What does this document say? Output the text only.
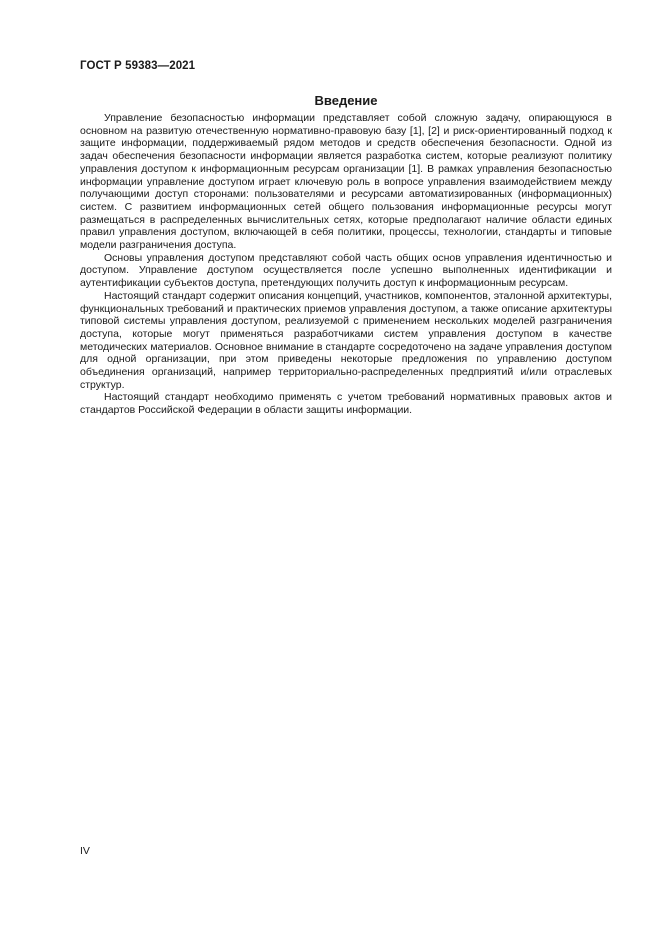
ГОСТ Р 59383—2021
Введение

Управление безопасностью информации представляет собой сложную задачу, опирающуюся в основном на развитую отечественную нормативно-правовую базу [1], [2] и риск-ориентированный подход к защите информации, поддерживаемый рядом методов и средств обеспечения безопасности. Одной из задач обеспечения безопасности информации является разработка систем, которые реализуют политику управления доступом к информационным ресурсам организации [1]. В рамках управления безопасностью информации управление доступом играет ключевую роль в вопросе управления взаимодействием между получающими доступ сторонами: пользователями и ресурсами автоматизированных (информационных) систем. С развитием информационных сетей общего пользования информационные ресурсы могут размещаться в распределенных вычислительных сетях, которые предполагают наличие области единых правил управления доступом, включающей в себя политики, процессы, технологии, стандарты и типовые модели разграничения доступа.

Основы управления доступом представляют собой часть общих основ управления идентичностью и доступом. Управление доступом осуществляется после успешно выполненных идентификации и аутентификации субъектов доступа, претендующих получить доступ к информационным ресурсам.

Настоящий стандарт содержит описания концепций, участников, компонентов, эталонной архитектуры, функциональных требований и практических приемов управления доступом, а также описание архитектуры типовой системы управления доступом, реализуемой с применением нескольких моделей разграничения доступа, которые могут применяться разработчиками систем управления доступом в качестве методических материалов. Основное внимание в стандарте сосредоточено на задаче управления доступом для одной организации, при этом приведены некоторые предложения по управлению доступом объединения организаций, например территориально-распределенных предприятий и/или отраслевых структур.

Настоящий стандарт необходимо применять с учетом требований нормативных правовых актов и стандартов Российской Федерации в области защиты информации.

IV
